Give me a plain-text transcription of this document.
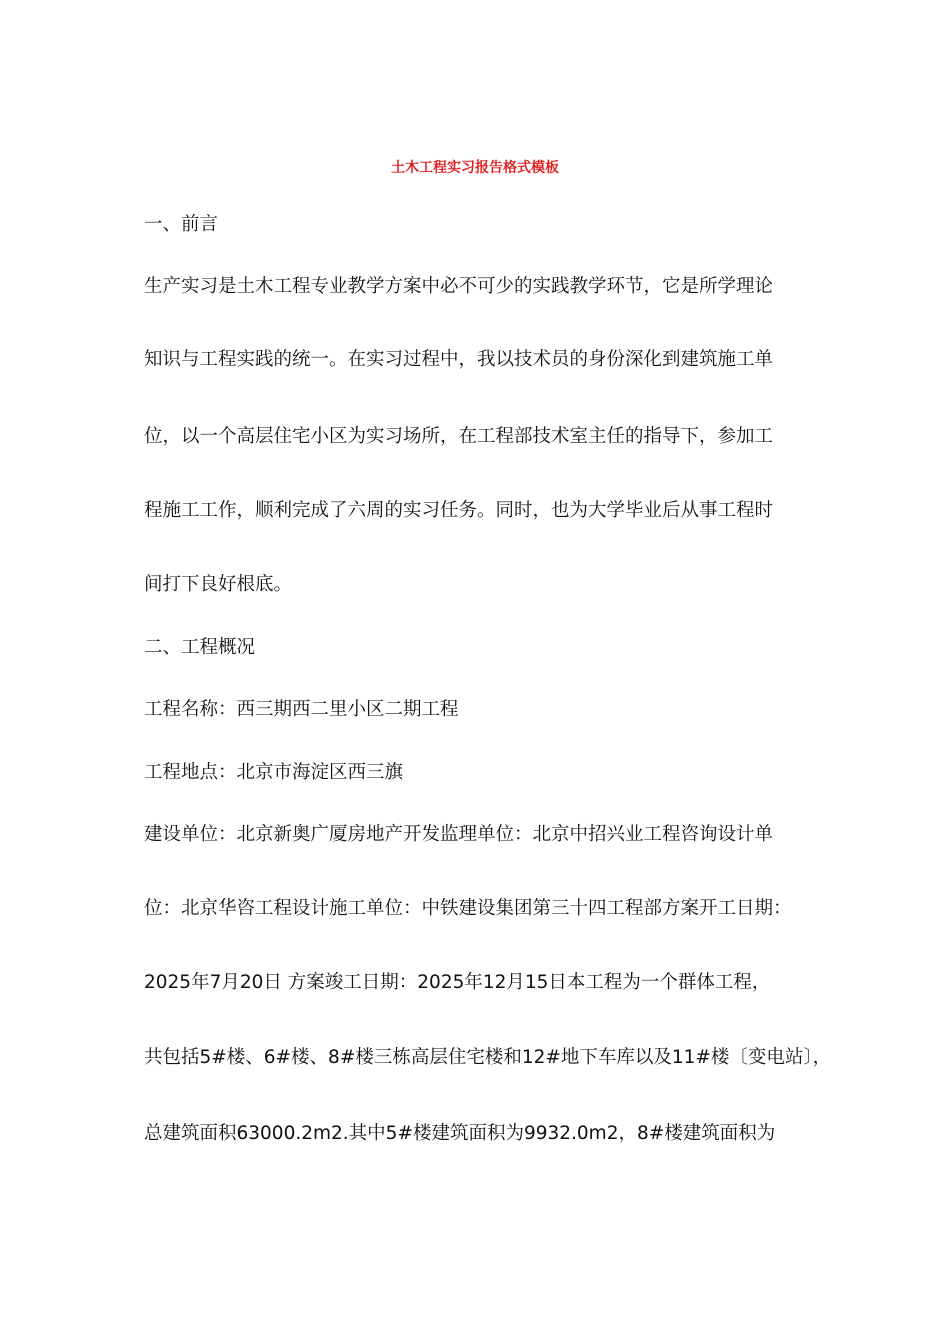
土木工程实习报告格式模板
一、前言
生产实习是土木工程专业教学方案中必不可少的实践教学环节，它是所学理论
知识与工程实践的统一。在实习过程中，我以技术员的身份深化到建筑施工单
位，以一个高层住宅小区为实习场所，在工程部技术室主任的指导下，参加工
程施工工作，顺利完成了六周的实习任务。同时，也为大学毕业后从事工程时
间打下良好根底。
二、工程概况
工程名称：西三期西二里小区二期工程
工程地点：北京市海淀区西三旗
建设单位：北京新奥广厦房地产开发监理单位：北京中招兴业工程咨询设计单
位：北京华咨工程设计施工单位：中铁建设集团第三十四工程部方案开工日期：
2025年7月20日 方案竣工日期：2025年12月15日本工程为一个群体工程，
共包括5#楼、6#楼、8#楼三栋高层住宅楼和12#地下车库以及11#楼〔变电站〕，
总建筑面积63000.2m2.其中5#楼建筑面积为9932.0m2，8#楼建筑面积为
